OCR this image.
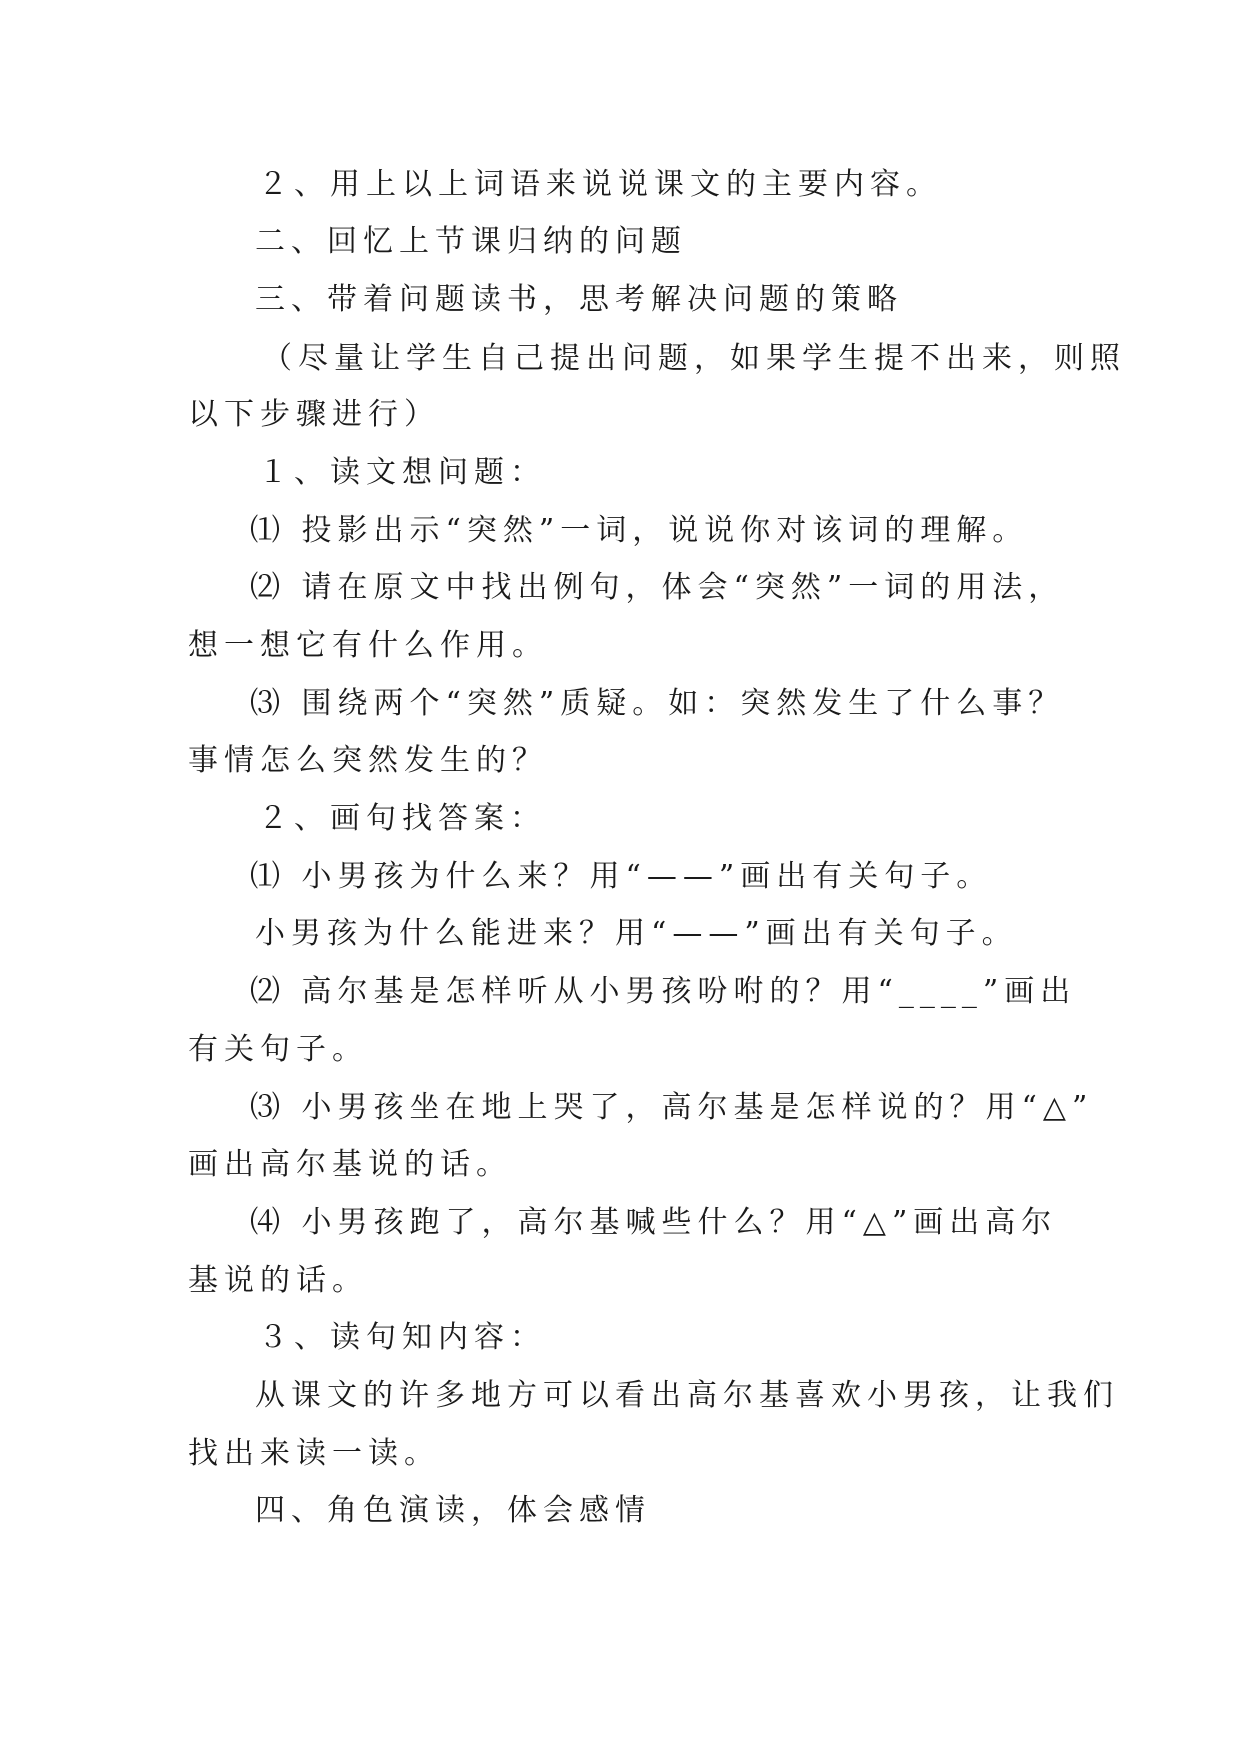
２、用上以上词语来说说课文的主要内容。
二、回忆上节课归纳的问题
三、带着问题读书，思考解决问题的策略
（尽量让学生自己提出问题，如果学生提不出来，则照
以下步骤进行）
１、读文想问题：
⑴ 投影出示“突然”一词，说说你对该词的理解。
⑵ 请在原文中找出例句，体会“突然”一词的用法，
想一想它有什么作用。
⑶ 围绕两个“突然”质疑。如：突然发生了什么事？
事情怎么突然发生的？
２、画句找答案：
⑴ 小男孩为什么来？用“——”画出有关句子。
小男孩为什么能进来？用“——”画出有关句子。
⑵ 高尔基是怎样听从小男孩吩咐的？用“____”画出
有关句子。
⑶ 小男孩坐在地上哭了，高尔基是怎样说的？用“△”
画出高尔基说的话。
⑷ 小男孩跑了，高尔基喊些什么？用“△”画出高尔
基说的话。
３、读句知内容：
从课文的许多地方可以看出高尔基喜欢小男孩，让我们
找出来读一读。
四、角色演读，体会感情
